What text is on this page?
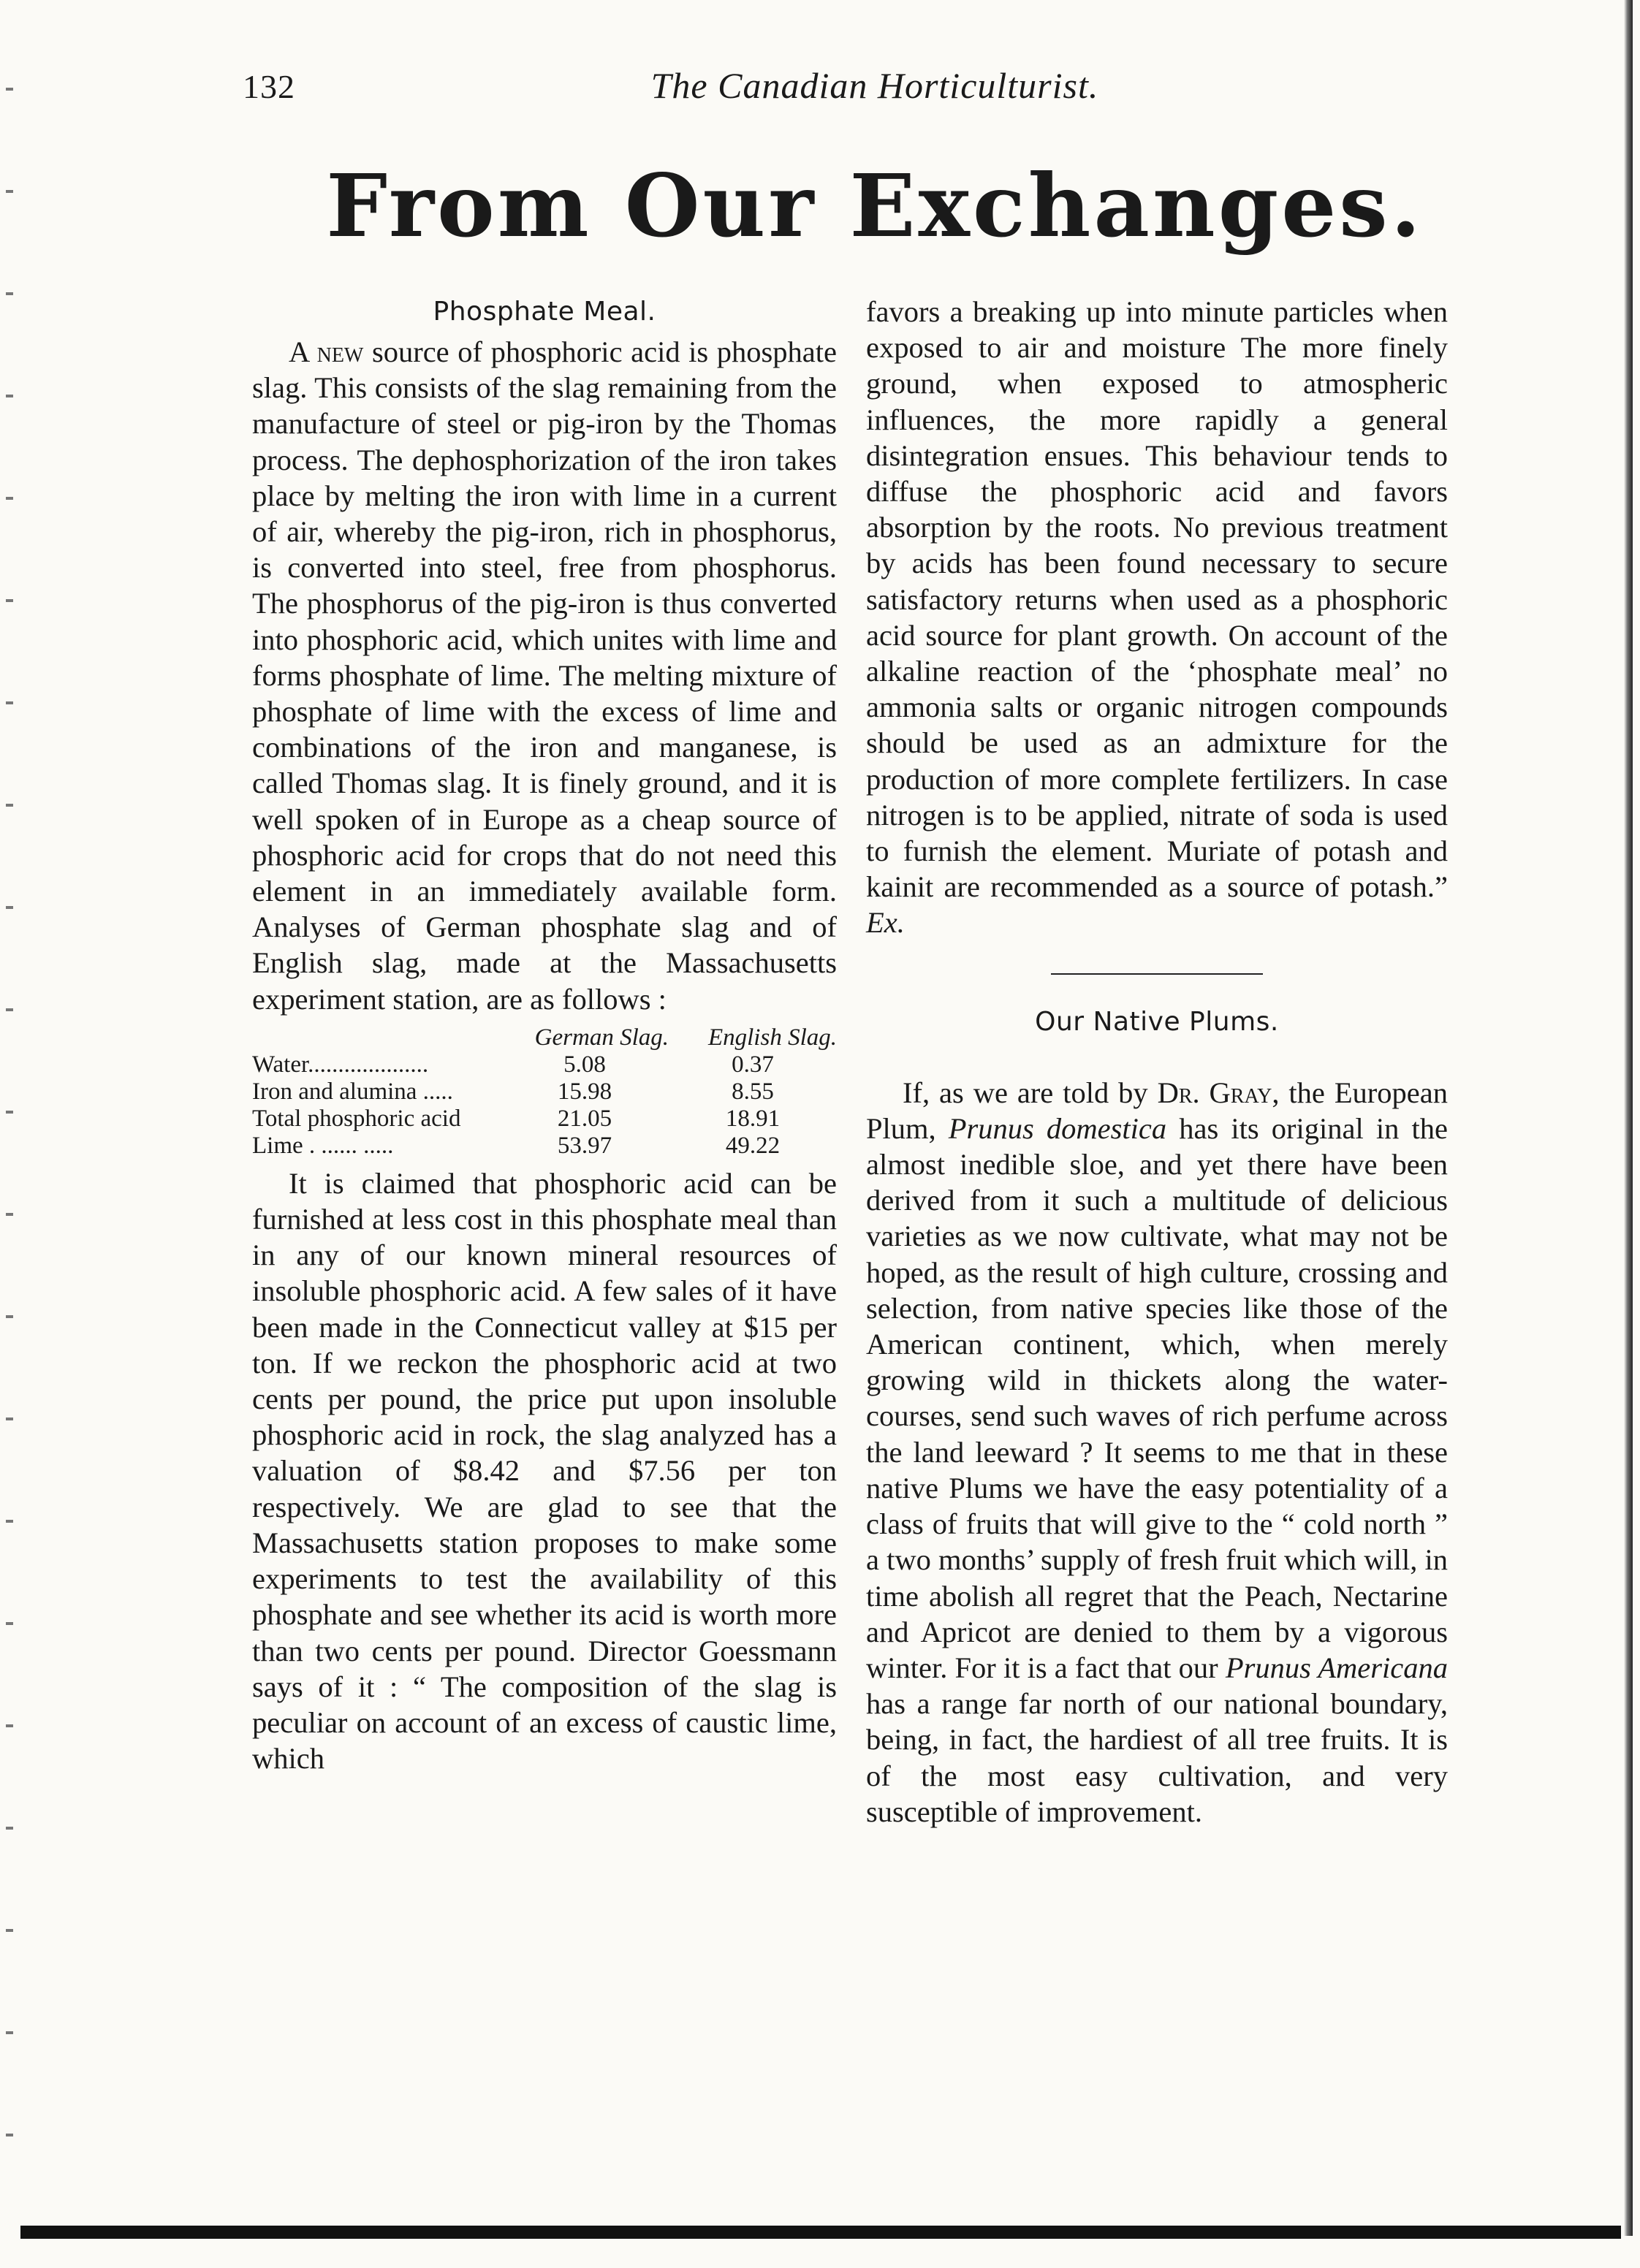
132	The Canadian Horticulturist.
From Our Exchanges.
Phosphate Meal.

A new source of phosphoric acid is phosphate slag. This consists of the slag remaining from the manufacture of steel or pig-iron by the Thomas process. The dephosphorization of the iron takes place by melting the iron with lime in a current of air, whereby the pig-iron, rich in phosphorus, is converted into steel, free from phosphorus. The phosphorus of the pig-iron is thus converted into phosphoric acid, which unites with lime and forms phosphate of lime. The melting mixture of phosphate of lime with the excess of lime and combinations of the iron and manganese, is called Thomas slag. It is finely ground, and it is well spoken of in Europe as a cheap source of phosphoric acid for crops that do not need this element in an immediately available form. Analyses of German phosphate slag and of English slag, made at the Massachusetts experiment station, are as follows :

	German Slag.	English Slag.
Water....................	5.08	0.37
Iron and alumina .....	15.98	8.55
Total phosphoric acid	21.05	18.91
Lime . ...... .....	53.97	49.22

It is claimed that phosphoric acid can be furnished at less cost in this phosphate meal than in any of our known mineral resources of insoluble phosphoric acid. A few sales of it have been made in the Connecticut valley at $15 per ton. If we reckon the phosphoric acid at two cents per pound, the price put upon insoluble phosphoric acid in rock, the slag analyzed has a valuation of $8.42 and $7.56 per ton respectively. We are glad to see that the Massachusetts station proposes to make some experiments to test the availability of this phosphate and see whether its acid is worth more than two cents per pound. Director Goessmann says of it : “ The composition of the slag is peculiar on account of an excess of caustic lime, which

favors a breaking up into minute particles when exposed to air and moisture The more finely ground, when exposed to atmospheric influences, the more rapidly a general disintegration ensues. This behaviour tends to diffuse the phosphoric acid and favors absorption by the roots. No previous treatment by acids has been found necessary to secure satisfactory returns when used as a phosphoric acid source for plant growth. On account of the alkaline reaction of the ‘phosphate meal’ no ammonia salts or organic nitrogen compounds should be used as an admixture for the production of more complete fertilizers. In case nitrogen is to be applied, nitrate of soda is used to furnish the element. Muriate of potash and kainit are recommended as a source of potash.” Ex.

Our Native Plums.

If, as we are told by Dr. Gray, the European Plum, Prunus domestica has its original in the almost inedible sloe, and yet there have been derived from it such a multitude of delicious varieties as we now cultivate, what may not be hoped, as the result of high culture, crossing and selection, from native species like those of the American continent, which, when merely growing wild in thickets along the water-courses, send such waves of rich perfume across the land leeward ? It seems to me that in these native Plums we have the easy potentiality of a class of fruits that will give to the “ cold north ” a two months’ supply of fresh fruit which will, in time abolish all regret that the Peach, Nectarine and Apricot are denied to them by a vigorous winter. For it is a fact that our Prunus Americana has a range far north of our national boundary, being, in fact, the hardiest of all tree fruits. It is of the most easy cultivation, and very susceptible of improvement.
